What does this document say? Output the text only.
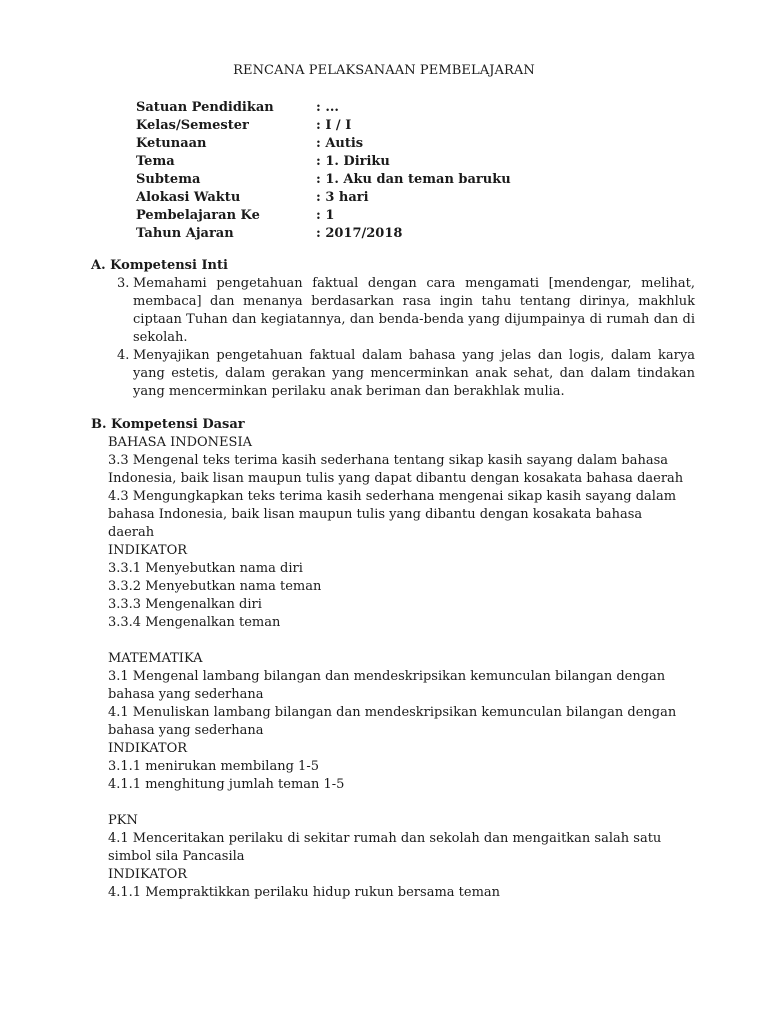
RENCANA PELAKSANAAN PEMBELAJARAN
Satuan Pendidikan	: ...
Kelas/Semester	: I / I
Ketunaan	: Autis
Tema	: 1. Diriku
Subtema	: 1. Aku dan teman baruku
Alokasi Waktu	: 3 hari
Pembelajaran Ke	: 1
Tahun Ajaran	: 2017/2018
A. Kompetensi Inti
3. Memahami pengetahuan faktual dengan cara mengamati [mendengar, melihat, membaca] dan menanya berdasarkan rasa ingin tahu tentang dirinya, makhluk ciptaan Tuhan dan kegiatannya, dan benda-benda yang dijumpainya di rumah dan di sekolah.
4. Menyajikan pengetahuan faktual dalam bahasa yang jelas dan logis, dalam karya yang estetis, dalam gerakan yang mencerminkan anak sehat, dan dalam tindakan yang mencerminkan perilaku anak beriman dan berakhlak mulia.
B. Kompetensi Dasar
BAHASA INDONESIA
3.3 Mengenal teks terima kasih sederhana tentang sikap kasih sayang dalam bahasa
Indonesia, baik lisan maupun tulis yang dapat dibantu dengan kosakata bahasa daerah
4.3 Mengungkapkan teks terima kasih sederhana mengenai sikap kasih sayang dalam
bahasa Indonesia, baik lisan maupun tulis yang dibantu dengan kosakata bahasa
daerah
INDIKATOR
3.3.1 Menyebutkan nama diri
3.3.2 Menyebutkan nama teman
3.3.3 Mengenalkan diri
3.3.4 Mengenalkan teman
MATEMATIKA
3.1 Mengenal lambang bilangan dan mendeskripsikan kemunculan bilangan dengan
bahasa yang sederhana
4.1 Menuliskan lambang bilangan dan mendeskripsikan kemunculan bilangan dengan
bahasa yang sederhana
INDIKATOR
3.1.1 menirukan membilang 1-5
4.1.1 menghitung jumlah teman 1-5
PKN
4.1 Menceritakan perilaku di sekitar rumah dan sekolah dan mengaitkan salah satu
simbol sila Pancasila
INDIKATOR
4.1.1 Mempraktikkan perilaku hidup rukun bersama teman
